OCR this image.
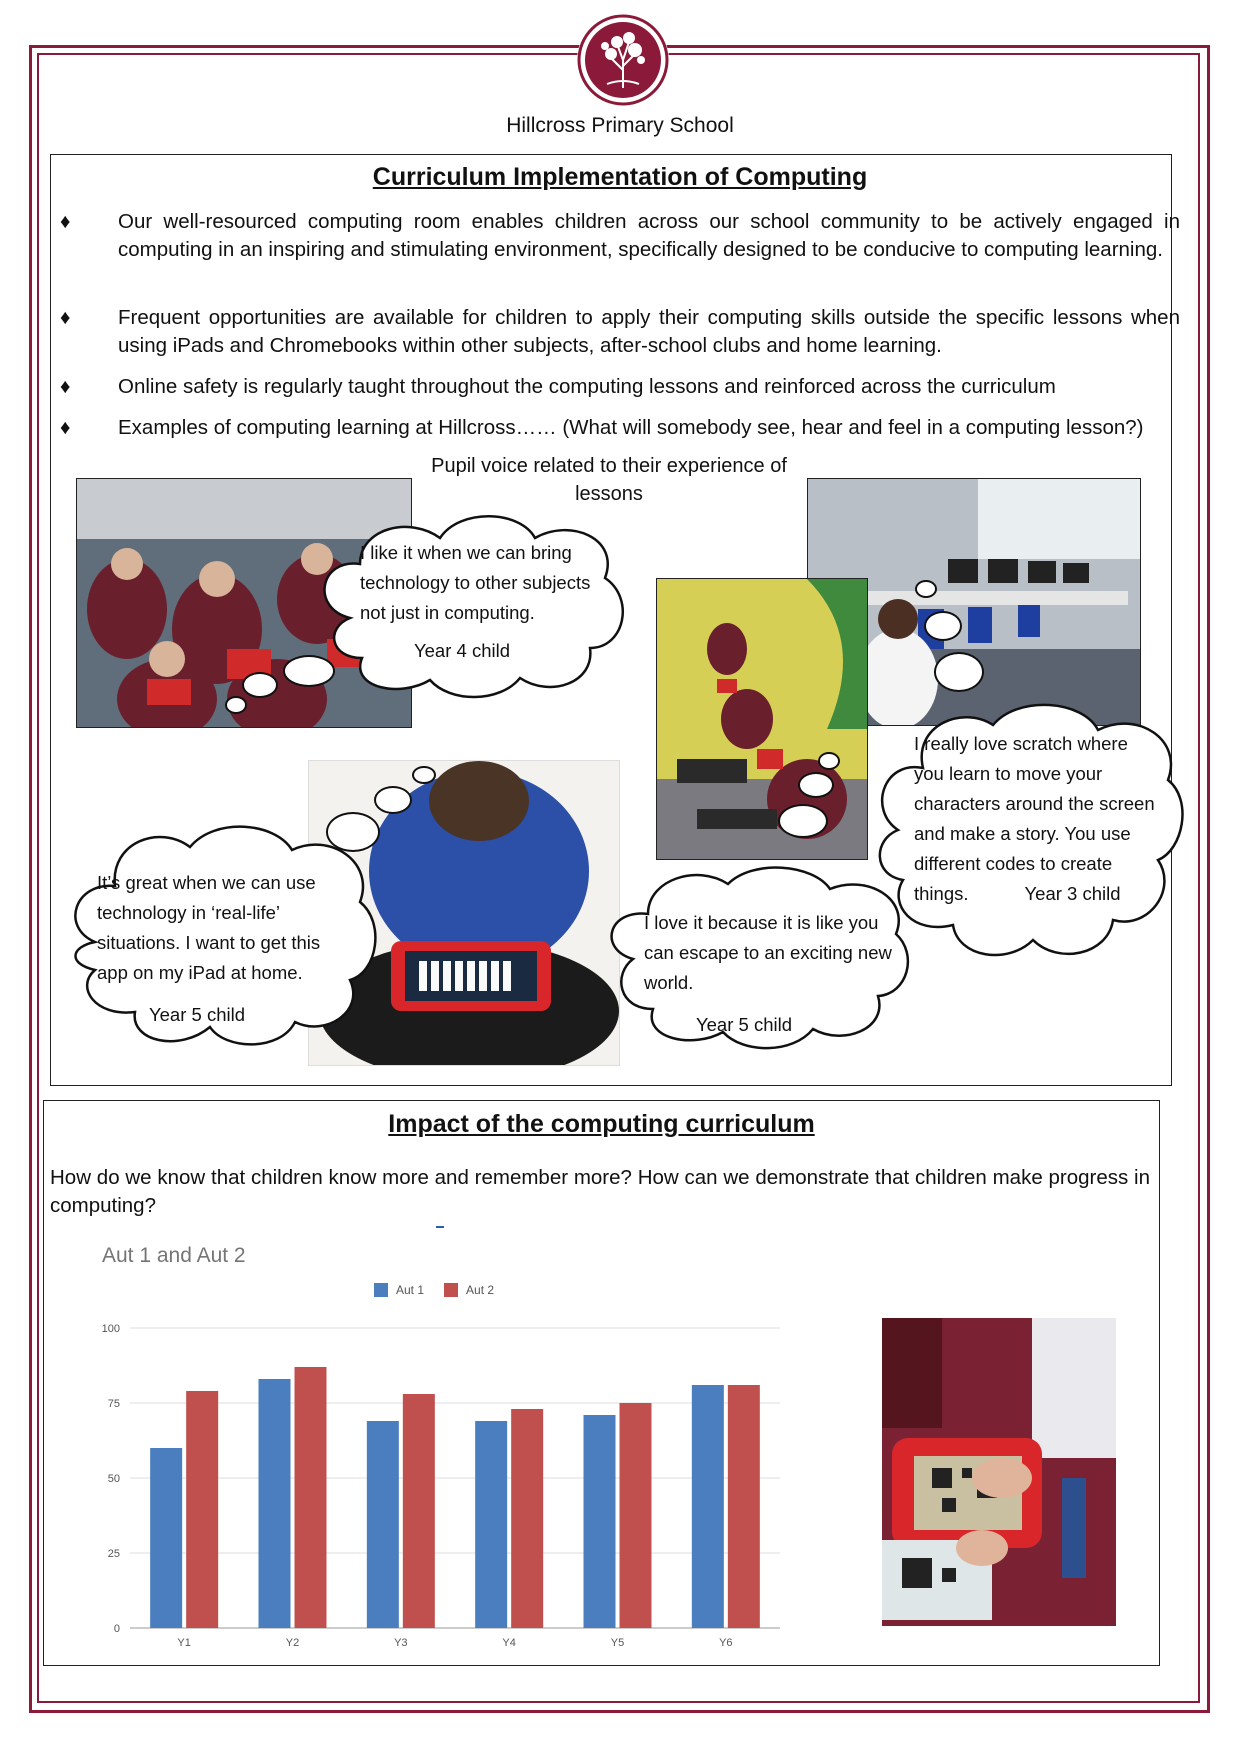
Hillcross Primary School
Curriculum Implementation of Computing
♦ Our well-resourced computing room enables children across our school community to be actively engaged in computing in an inspiring and stimulating environment, specifically designed to be conducive to computing learning.
♦ Frequent opportunities are available for children to apply their computing skills outside the specific lessons when using iPads and Chromebooks within other subjects, after-school clubs and home learning.
♦ Online safety is regularly taught throughout the computing lessons and reinforced across the curriculum
♦ Examples of computing learning at Hillcross…… (What will somebody see, hear and feel in a computing lesson?)
Pupil voice related to their experience of lessons
I like it when we can bring
technology to other subjects
not just in computing.
Year 4 child
I really love scratch where
you learn to move your
characters around the screen
and make a story. You use
different codes to create
things.	Year 3 child
It’s great when we can use
technology in ‘real-life’
situations. I want to get this
app on my iPad at home.
Year 5 child
I love it because it is like you
can escape to an exciting new
world.
Year 5 child
Impact of the computing curriculum
How do we know that children know more and remember more? How can we demonstrate that children make progress in computing?
Aut 1 and Aut 2
Aut 1	Aut 2
0
25
50
75
100
Y1	Y2	Y3	Y4	Y5	Y6
